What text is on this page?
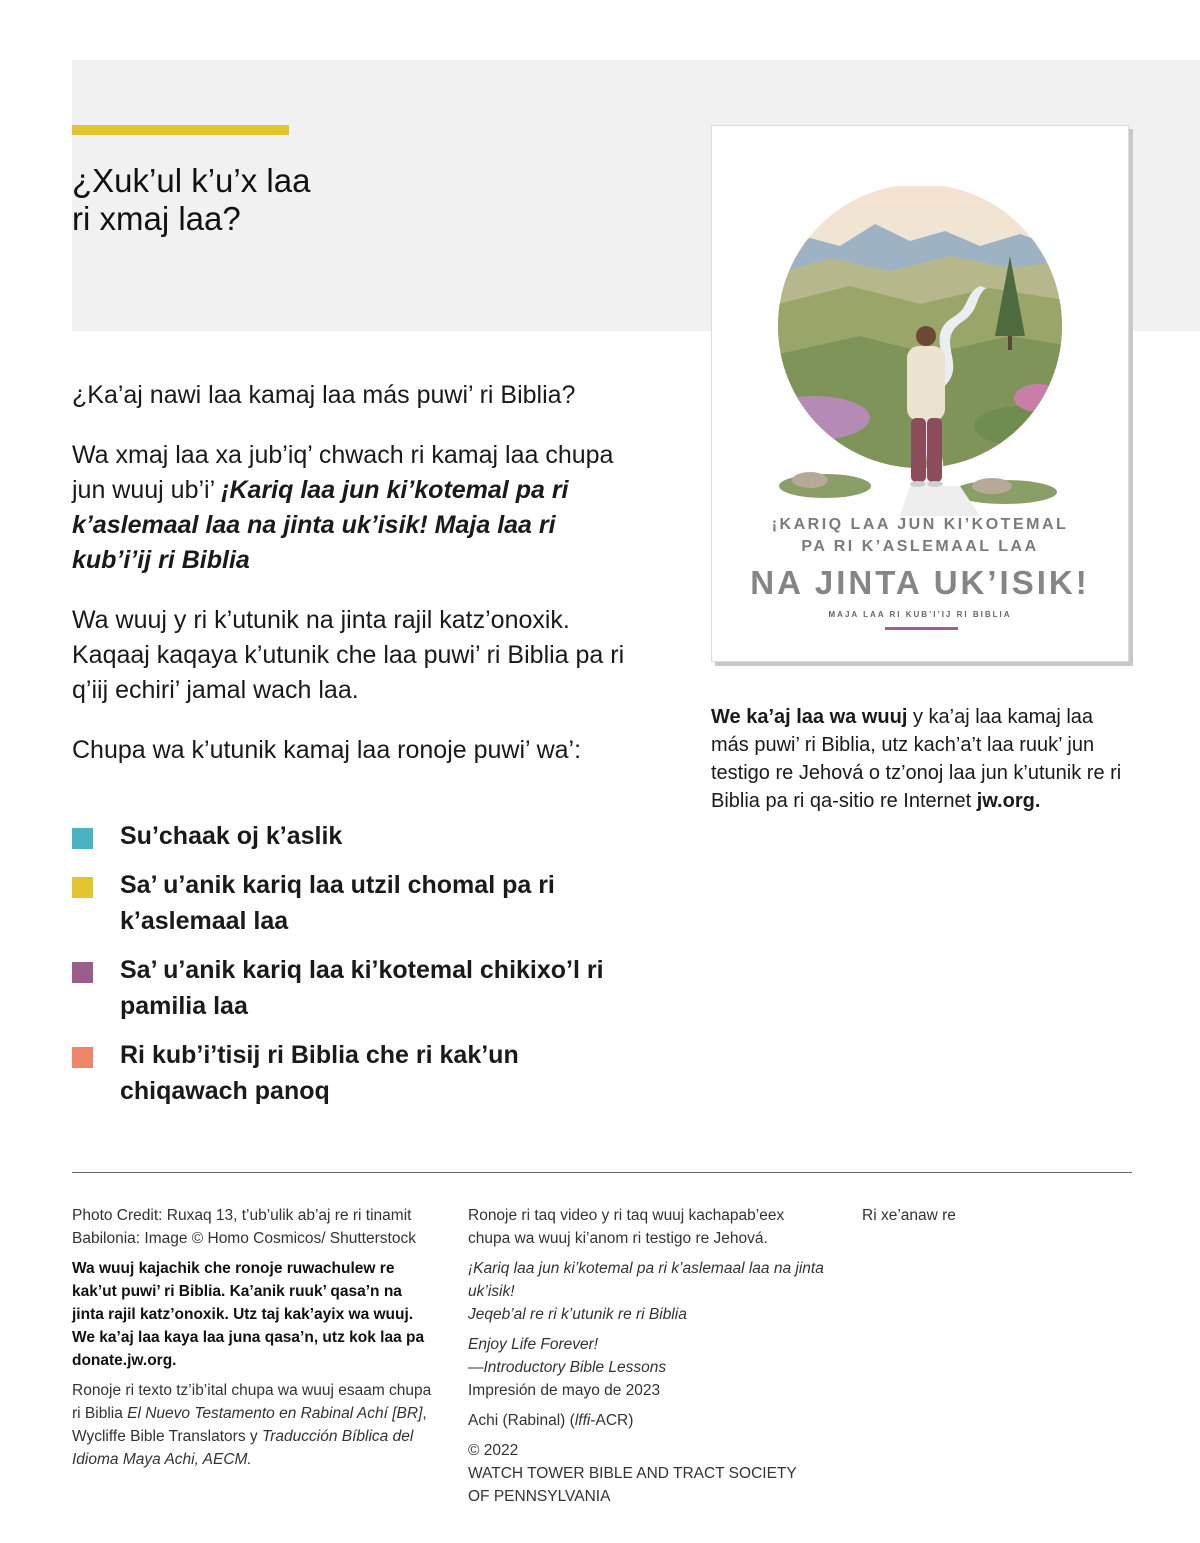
¿Xuk’ul k’u’x laa
ri xmaj laa?

¿Ka’aj nawi laa kamaj laa más puwi’ ri Biblia?

Wa xmaj laa xa jub’iq’ chwach ri kamaj laa chupa jun wuuj ub’i’ ¡Kariq laa jun ki’kotemal pa ri k’aslemaal laa na jinta uk’isik! Maja laa ri kub’i’ij ri Biblia

Wa wuuj y ri k’utunik na jinta rajil katz’onoxik. Kaqaaj kaqaya k’utunik che laa puwi’ ri Biblia pa ri q’iij echiri’ jamal wach laa.

Chupa wa k’utunik kamaj laa ronoje puwi’ wa’:

Su’chaak oj k’aslik
Sa’ u’anik kariq laa utzil chomal pa ri k’aslemaal laa
Sa’ u’anik kariq laa ki’kotemal chikixo’l ri pamilia laa
Ri kub’i’tisij ri Biblia che ri kak’un chiqawach panoq
¡KARIQ LAA JUN KI’KOTEMAL
PA RI K’ASLEMAAL LAA
NA JINTA UK’ISIK!
MAJA LAA RI KUB’I’IJ RI BIBLIA

We ka’aj laa wa wuuj y ka’aj laa kamaj laa más puwi’ ri Biblia, utz kach’a’t laa ruuk’ jun testigo re Jehová o tz’onoj laa jun k’utunik re ri Biblia pa ri qa-sitio re Internet jw.org.

Photo Credit: Ruxaq 13, t’ub’ulik ab’aj re ri tinamit Babilonia: Image © Homo Cosmicos/ Shutterstock

Wa wuuj kajachik che ronoje ruwachulew re kak’ut puwi’ ri Biblia. Ka’anik ruuk’ qasa’n na jinta rajil katz’onoxik. Utz taj kak’ayix wa wuuj. We ka’aj laa kaya laa juna qasa’n, utz kok laa pa donate.jw.org.

Ronoje ri texto tz’ib’ital chupa wa wuuj esaam chupa ri Biblia El Nuevo Testamento en Rabinal Achí [BR], Wycliffe Bible Translators y Traducción Bíblica del Idioma Maya Achi, AECM.

Ronoje ri taq video y ri taq wuuj kachapab’eex chupa wa wuuj ki’anom ri testigo re Jehová.

¡Kariq laa jun ki’kotemal pa ri k’aslemaal laa na jinta uk’isik!
Jeqeb’al re ri k’utunik re ri Biblia

Enjoy Life Forever!
—Introductory Bible Lessons
Impresión de mayo de 2023

Achi (Rabinal) (lffi-ACR)

© 2022
WATCH TOWER BIBLE AND TRACT SOCIETY
OF PENNSYLVANIA

Ri xe’anaw re
